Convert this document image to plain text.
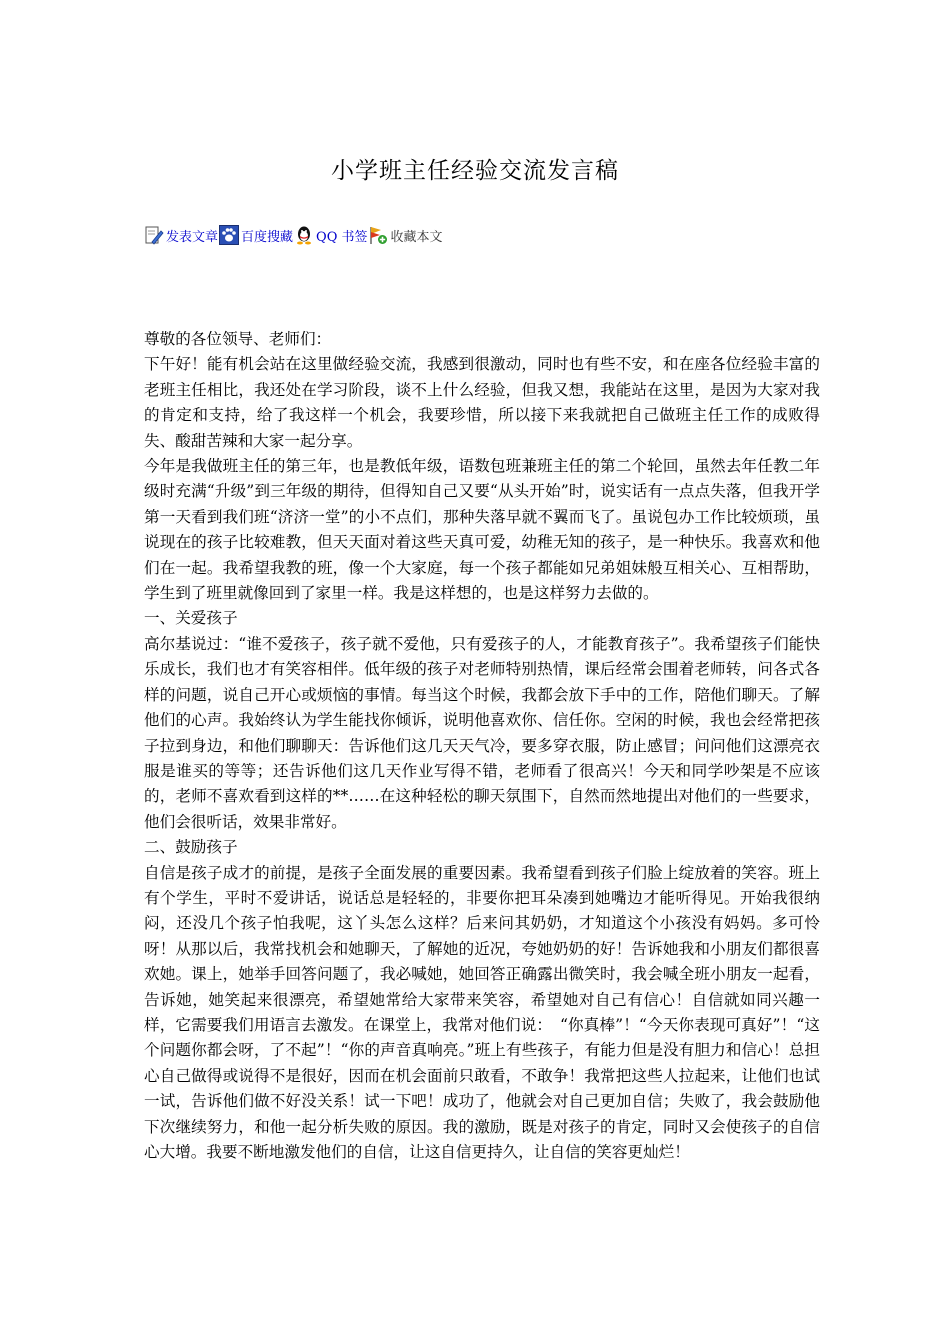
小学班主任经验交流发言稿
发表文章 百度搜藏 QQ 书签 收藏本文

尊敬的各位领导、老师们：

下午好！能有机会站在这里做经验交流，我感到很激动，同时也有些不安，和在座各位经验丰富的老班主任相比，我还处在学习阶段，谈不上什么经验，但我又想，我能站在这里，是因为大家对我的肯定和支持，给了我这样一个机会，我要珍惜，所以接下来我就把自己做班主任工作的成败得失、酸甜苦辣和大家一起分享。

今年是我做班主任的第三年，也是教低年级，语数包班兼班主任的第二个轮回，虽然去年任教二年级时充满“升级”到三年级的期待，但得知自己又要“从头开始”时，说实话有一点点失落，但我开学第一天看到我们班“济济一堂”的小不点们，那种失落早就不翼而飞了。虽说包办工作比较烦琐，虽说现在的孩子比较难教，但天天面对着这些天真可爱，幼稚无知的孩子，是一种快乐。我喜欢和他们在一起。我希望我教的班，像一个大家庭，每一个孩子都能如兄弟姐妹般互相关心、互相帮助，学生到了班里就像回到了家里一样。我是这样想的，也是这样努力去做的。

一、关爱孩子

高尔基说过：“谁不爱孩子，孩子就不爱他，只有爱孩子的人，才能教育孩子”。我希望孩子们能快乐成长，我们也才有笑容相伴。低年级的孩子对老师特别热情，课后经常会围着老师转，问各式各样的问题，说自己开心或烦恼的事情。每当这个时候，我都会放下手中的工作，陪他们聊天。了解他们的心声。我始终认为学生能找你倾诉，说明他喜欢你、信任你。空闲的时候，我也会经常把孩子拉到身边，和他们聊聊天：告诉他们这几天天气冷，要多穿衣服，防止感冒；问问他们这漂亮衣服是谁买的等等；还告诉他们这几天作业写得不错，老师看了很高兴！今天和同学吵架是不应该的，老师不喜欢看到这样的**……在这种轻松的聊天氛围下，自然而然地提出对他们的一些要求，他们会很听话，效果非常好。

二、鼓励孩子

自信是孩子成才的前提，是孩子全面发展的重要因素。我希望看到孩子们脸上绽放着的笑容。班上有个学生，平时不爱讲话，说话总是轻轻的，非要你把耳朵凑到她嘴边才能听得见。开始我很纳闷，还没几个孩子怕我呢，这丫头怎么这样？后来问其奶奶，才知道这个小孩没有妈妈。多可怜呀！从那以后，我常找机会和她聊天，了解她的近况，夸她奶奶的好！告诉她我和小朋友们都很喜欢她。课上，她举手回答问题了，我必喊她，她回答正确露出微笑时，我会喊全班小朋友一起看，告诉她，她笑起来很漂亮，希望她常给大家带来笑容，希望她对自己有信心！自信就如同兴趣一样，它需要我们用语言去激发。在课堂上，我常对他们说：　“你真棒”！“今天你表现可真好”！“这个问题你都会呀，了不起”！“你的声音真响亮。”班上有些孩子，有能力但是没有胆力和信心！总担心自己做得或说得不是很好，因而在机会面前只敢看，不敢争！我常把这些人拉起来，让他们也试一试，告诉他们做不好没关系！试一下吧！成功了，他就会对自己更加自信；失败了，我会鼓励他下次继续努力，和他一起分析失败的原因。我的激励，既是对孩子的肯定，同时又会使孩子的自信心大增。我要不断地激发他们的自信，让这自信更持久，让自信的笑容更灿烂！
